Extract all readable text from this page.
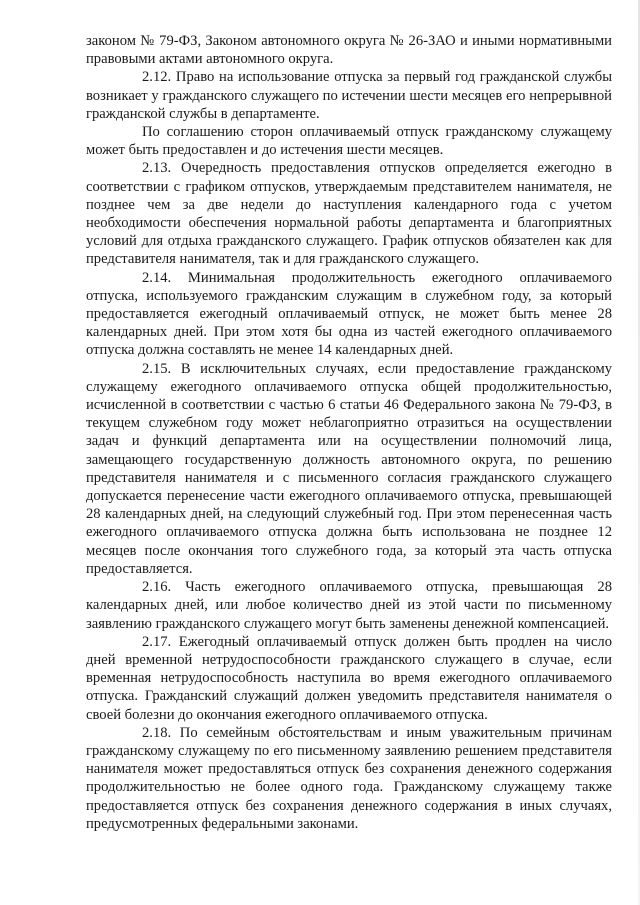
законом № 79-ФЗ, Законом автономного округа № 26-ЗАО и иными нормативными правовыми актами автономного округа.

2.12. Право на использование отпуска за первый год гражданской службы возникает у гражданского служащего по истечении шести месяцев его непрерывной гражданской службы в департаменте.

По соглашению сторон оплачиваемый отпуск гражданскому служащему может быть предоставлен и до истечения шести месяцев.

2.13. Очередность предоставления отпусков определяется ежегодно в соответствии с графиком отпусков, утверждаемым представителем нанимателя, не позднее чем за две недели до наступления календарного года с учетом необходимости обеспечения нормальной работы департамента и благоприятных условий для отдыха гражданского служащего. График отпусков обязателен как для представителя нанимателя, так и для гражданского служащего.

2.14. Минимальная продолжительность ежегодного оплачиваемого отпуска, используемого гражданским служащим в служебном году, за который предоставляется ежегодный оплачиваемый отпуск, не может быть менее 28 календарных дней. При этом хотя бы одна из частей ежегодного оплачиваемого отпуска должна составлять не менее 14 календарных дней.

2.15. В исключительных случаях, если предоставление гражданскому служащему ежегодного оплачиваемого отпуска общей продолжительностью, исчисленной в соответствии с частью 6 статьи 46 Федерального закона № 79-ФЗ, в текущем служебном году может неблагоприятно отразиться на осуществлении задач и функций департамента или на осуществлении полномочий лица, замещающего государственную должность автономного округа, по решению представителя нанимателя и с письменного согласия гражданского служащего допускается перенесение части ежегодного оплачиваемого отпуска, превышающей 28 календарных дней, на следующий служебный год. При этом перенесенная часть ежегодного оплачиваемого отпуска должна быть использована не позднее 12 месяцев после окончания того служебного года, за который эта часть отпуска предоставляется.

2.16. Часть ежегодного оплачиваемого отпуска, превышающая 28 календарных дней, или любое количество дней из этой части по письменному заявлению гражданского служащего могут быть заменены денежной компенсацией.

2.17. Ежегодный оплачиваемый отпуск должен быть продлен на число дней временной нетрудоспособности гражданского служащего в случае, если временная нетрудоспособность наступила во время ежегодного оплачиваемого отпуска. Гражданский служащий должен уведомить представителя нанимателя о своей болезни до окончания ежегодного оплачиваемого отпуска.

2.18. По семейным обстоятельствам и иным уважительным причинам гражданскому служащему по его письменному заявлению решением представителя нанимателя может предоставляться отпуск без сохранения денежного содержания продолжительностью не более одного года. Гражданскому служащему также предоставляется отпуск без сохранения денежного содержания в иных случаях, предусмотренных федеральными законами.
